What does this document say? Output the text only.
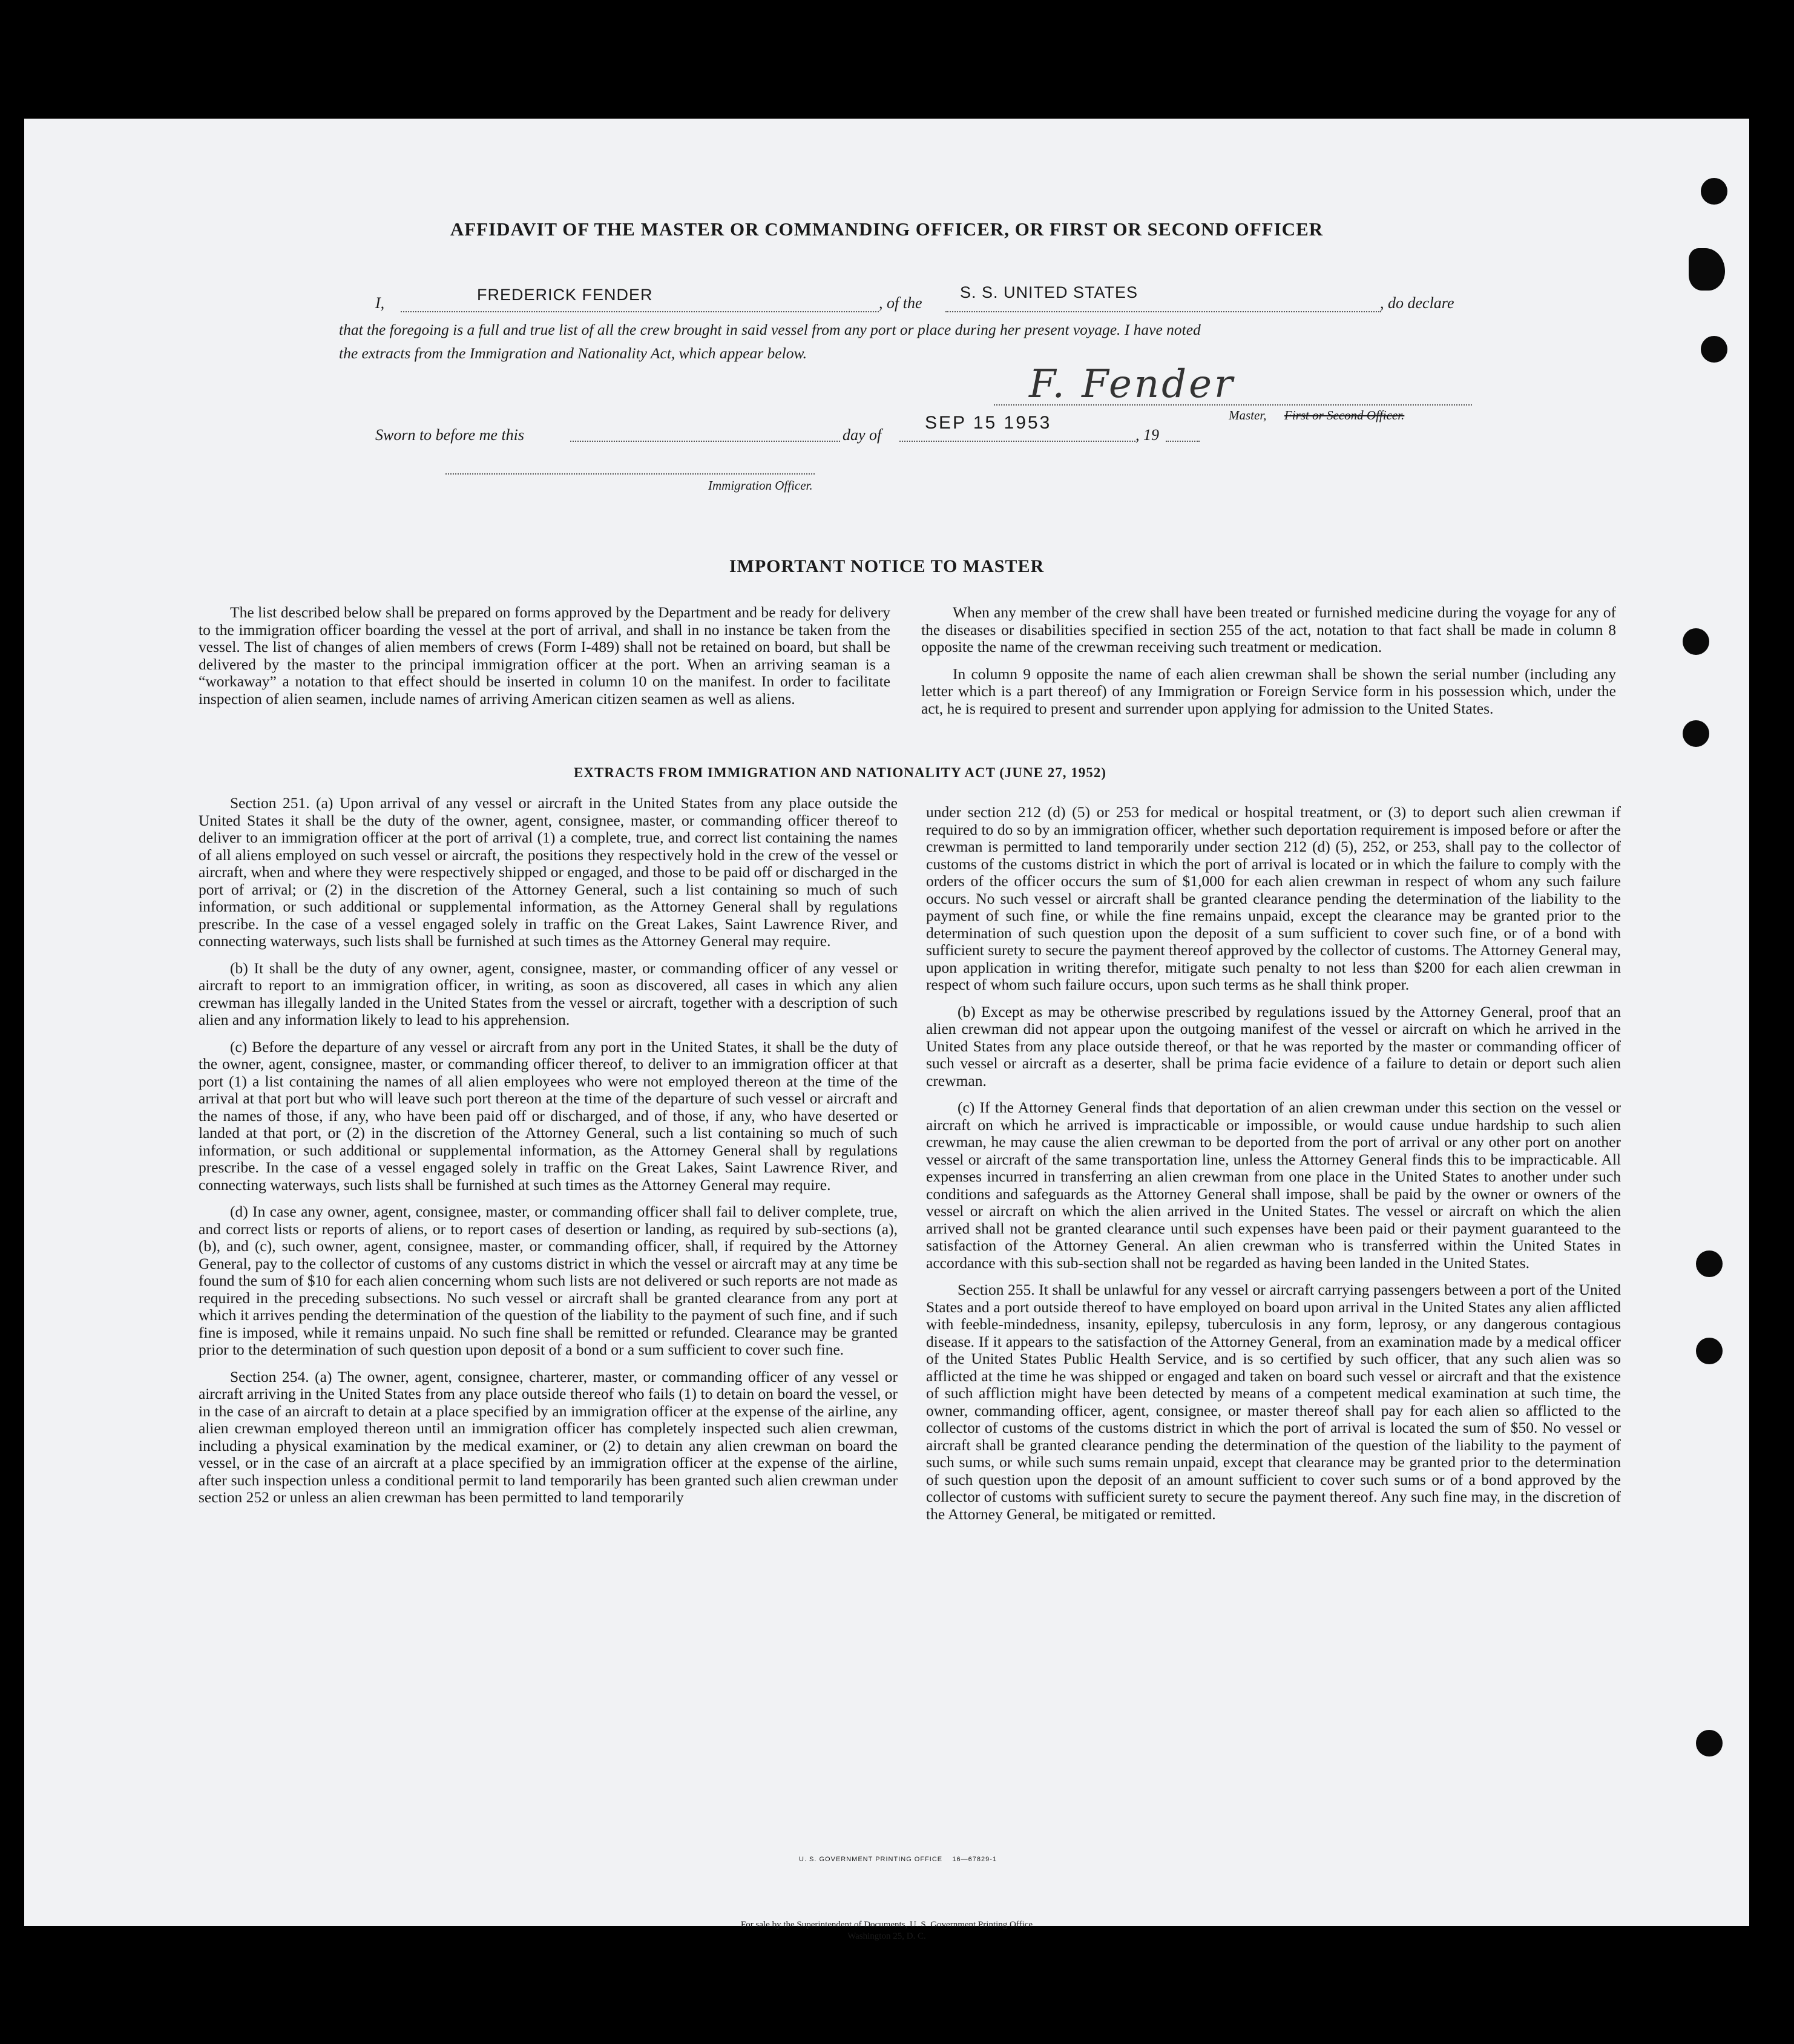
AFFIDAVIT OF THE MASTER OR COMMANDING OFFICER, OR FIRST OR SECOND OFFICER
I,	FREDERICK FENDER	, of the
S. S. UNITED STATES
, do declare
that the foregoing is a full and true list of all the crew brought in said vessel from any port or place during her present voyage. I have noted
the extracts from the Immigration and Nationality Act, which appear below.
F. Fender
Master, First or Second Officer.
Sworn to before me this	day of
SEP 15 1953
, 19
Immigration Officer.
IMPORTANT NOTICE TO MASTER

The list described below shall be prepared on forms approved by the Department and be ready for delivery to the immigration officer boarding the vessel at the port of arrival, and shall in no instance be taken from the vessel. The list of changes of alien members of crews (Form I-489) shall not be retained on board, but shall be delivered by the master to the principal immigration officer at the port. When an arriving seaman is a “workaway” a notation to that effect should be inserted in column 10 on the manifest. In order to facilitate inspection of alien seamen, include names of arriving American citizen seamen as well as aliens.

When any member of the crew shall have been treated or furnished medicine during the voyage for any of the diseases or disabilities specified in section 255 of the act, notation to that fact shall be made in column 8 opposite the name of the crewman receiving such treatment or medication.

In column 9 opposite the name of each alien crewman shall be shown the serial number (including any letter which is a part thereof) of any Immigration or Foreign Service form in his possession which, under the act, he is required to present and surrender upon applying for admission to the United States.

EXTRACTS FROM IMMIGRATION AND NATIONALITY ACT (JUNE 27, 1952)

Section 251. (a) Upon arrival of any vessel or aircraft in the United States from any place outside the United States it shall be the duty of the owner, agent, consignee, master, or commanding officer thereof to deliver to an immigration officer at the port of arrival (1) a complete, true, and correct list containing the names of all aliens employed on such vessel or aircraft, the positions they respectively hold in the crew of the vessel or aircraft, when and where they were respectively shipped or engaged, and those to be paid off or discharged in the port of arrival; or (2) in the discretion of the Attorney General, such a list containing so much of such information, or such additional or supplemental information, as the Attorney General shall by regulations prescribe. In the case of a vessel engaged solely in traffic on the Great Lakes, Saint Lawrence River, and connecting waterways, such lists shall be furnished at such times as the Attorney General may require.

(b) It shall be the duty of any owner, agent, consignee, master, or commanding officer of any vessel or aircraft to report to an immigration officer, in writing, as soon as discovered, all cases in which any alien crewman has illegally landed in the United States from the vessel or aircraft, together with a description of such alien and any information likely to lead to his apprehension.

(c) Before the departure of any vessel or aircraft from any port in the United States, it shall be the duty of the owner, agent, consignee, master, or commanding officer thereof, to deliver to an immigration officer at that port (1) a list containing the names of all alien employees who were not employed thereon at the time of the arrival at that port but who will leave such port thereon at the time of the departure of such vessel or aircraft and the names of those, if any, who have been paid off or discharged, and of those, if any, who have deserted or landed at that port, or (2) in the discretion of the Attorney General, such a list containing so much of such information, or such additional or supplemental information, as the Attorney General shall by regulations prescribe. In the case of a vessel engaged solely in traffic on the Great Lakes, Saint Lawrence River, and connecting waterways, such lists shall be furnished at such times as the Attorney General may require.

(d) In case any owner, agent, consignee, master, or commanding officer shall fail to deliver complete, true, and correct lists or reports of aliens, or to report cases of desertion or landing, as required by sub-sections (a), (b), and (c), such owner, agent, consignee, master, or commanding officer, shall, if required by the Attorney General, pay to the collector of customs of any customs district in which the vessel or aircraft may at any time be found the sum of $10 for each alien concerning whom such lists are not delivered or such reports are not made as required in the preceding subsections. No such vessel or aircraft shall be granted clearance from any port at which it arrives pending the determination of the question of the liability to the payment of such fine, and if such fine is imposed, while it remains unpaid. No such fine shall be remitted or refunded. Clearance may be granted prior to the determination of such question upon deposit of a bond or a sum sufficient to cover such fine.

Section 254. (a) The owner, agent, consignee, charterer, master, or commanding officer of any vessel or aircraft arriving in the United States from any place outside thereof who fails (1) to detain on board the vessel, or in the case of an aircraft to detain at a place specified by an immigration officer at the expense of the airline, any alien crewman employed thereon until an immigration officer has completely inspected such alien crewman, including a physical examination by the medical examiner, or (2) to detain any alien crewman on board the vessel, or in the case of an aircraft at a place specified by an immigration officer at the expense of the airline, after such inspection unless a conditional permit to land temporarily has been granted such alien crewman under section 252 or unless an alien crewman has been permitted to land temporarily

under section 212 (d) (5) or 253 for medical or hospital treatment, or (3) to deport such alien crewman if required to do so by an immigration officer, whether such deportation requirement is imposed before or after the crewman is permitted to land temporarily under section 212 (d) (5), 252, or 253, shall pay to the collector of customs of the customs district in which the port of arrival is located or in which the failure to comply with the orders of the officer occurs the sum of $1,000 for each alien crewman in respect of whom any such failure occurs. No such vessel or aircraft shall be granted clearance pending the determination of the liability to the payment of such fine, or while the fine remains unpaid, except the clearance may be granted prior to the determination of such question upon the deposit of a sum sufficient to cover such fine, or of a bond with sufficient surety to secure the payment thereof approved by the collector of customs. The Attorney General may, upon application in writing therefor, mitigate such penalty to not less than $200 for each alien crewman in respect of whom such failure occurs, upon such terms as he shall think proper.

(b) Except as may be otherwise prescribed by regulations issued by the Attorney General, proof that an alien crewman did not appear upon the outgoing manifest of the vessel or aircraft on which he arrived in the United States from any place outside thereof, or that he was reported by the master or commanding officer of such vessel or aircraft as a deserter, shall be prima facie evidence of a failure to detain or deport such alien crewman.

(c) If the Attorney General finds that deportation of an alien crewman under this section on the vessel or aircraft on which he arrived is impracticable or impossible, or would cause undue hardship to such alien crewman, he may cause the alien crewman to be deported from the port of arrival or any other port on another vessel or aircraft of the same transportation line, unless the Attorney General finds this to be impracticable. All expenses incurred in transferring an alien crewman from one place in the United States to another under such conditions and safeguards as the Attorney General shall impose, shall be paid by the owner or owners of the vessel or aircraft on which the alien arrived in the United States. The vessel or aircraft on which the alien arrived shall not be granted clearance until such expenses have been paid or their payment guaranteed to the satisfaction of the Attorney General. An alien crewman who is transferred within the United States in accordance with this sub-section shall not be regarded as having been landed in the United States.

Section 255. It shall be unlawful for any vessel or aircraft carrying passengers between a port of the United States and a port outside thereof to have employed on board upon arrival in the United States any alien afflicted with feeble-mindedness, insanity, epilepsy, tuberculosis in any form, leprosy, or any dangerous contagious disease. If it appears to the satisfaction of the Attorney General, from an examination made by a medical officer of the United States Public Health Service, and is so certified by such officer, that any such alien was so afflicted at the time he was shipped or engaged and taken on board such vessel or aircraft and that the existence of such affliction might have been detected by means of a competent medical examination at such time, the owner, commanding officer, agent, consignee, or master thereof shall pay for each alien so afflicted to the collector of customs of the customs district in which the port of arrival is located the sum of $50. No vessel or aircraft shall be granted clearance pending the determination of the question of the liability to the payment of such sums, or while such sums remain unpaid, except that clearance may be granted prior to the determination of such question upon the deposit of an amount sufficient to cover such sums or of a bond approved by the collector of customs with sufficient surety to secure the payment thereof. Any such fine may, in the discretion of the Attorney General, be mitigated or remitted.

U. S. GOVERNMENT PRINTING OFFICE    16—67829-1
For sale by the Superintendent of Documents, U. S. Government Printing Office
Washington 25, D. C.
